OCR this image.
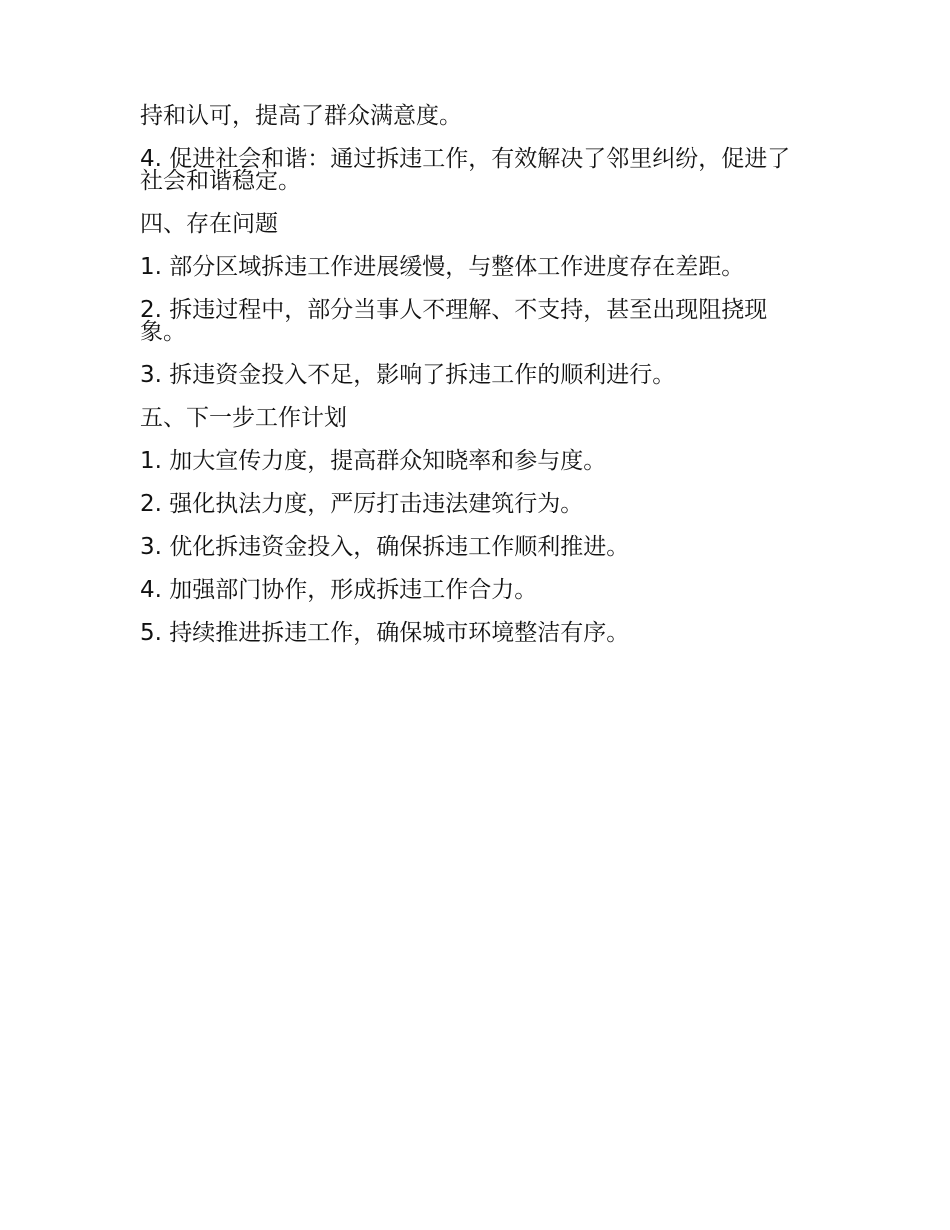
持和认可，提高了群众满意度。

4. 促进社会和谐：通过拆违工作，有效解决了邻里纠纷，促进了社会和谐稳定。

四、存在问题

1. 部分区域拆违工作进展缓慢，与整体工作进度存在差距。

2. 拆违过程中，部分当事人不理解、不支持，甚至出现阻挠现象。

3. 拆违资金投入不足，影响了拆违工作的顺利进行。

五、下一步工作计划

1. 加大宣传力度，提高群众知晓率和参与度。

2. 强化执法力度，严厉打击违法建筑行为。

3. 优化拆违资金投入，确保拆违工作顺利推进。

4. 加强部门协作，形成拆违工作合力。

5. 持续推进拆违工作，确保城市环境整洁有序。
